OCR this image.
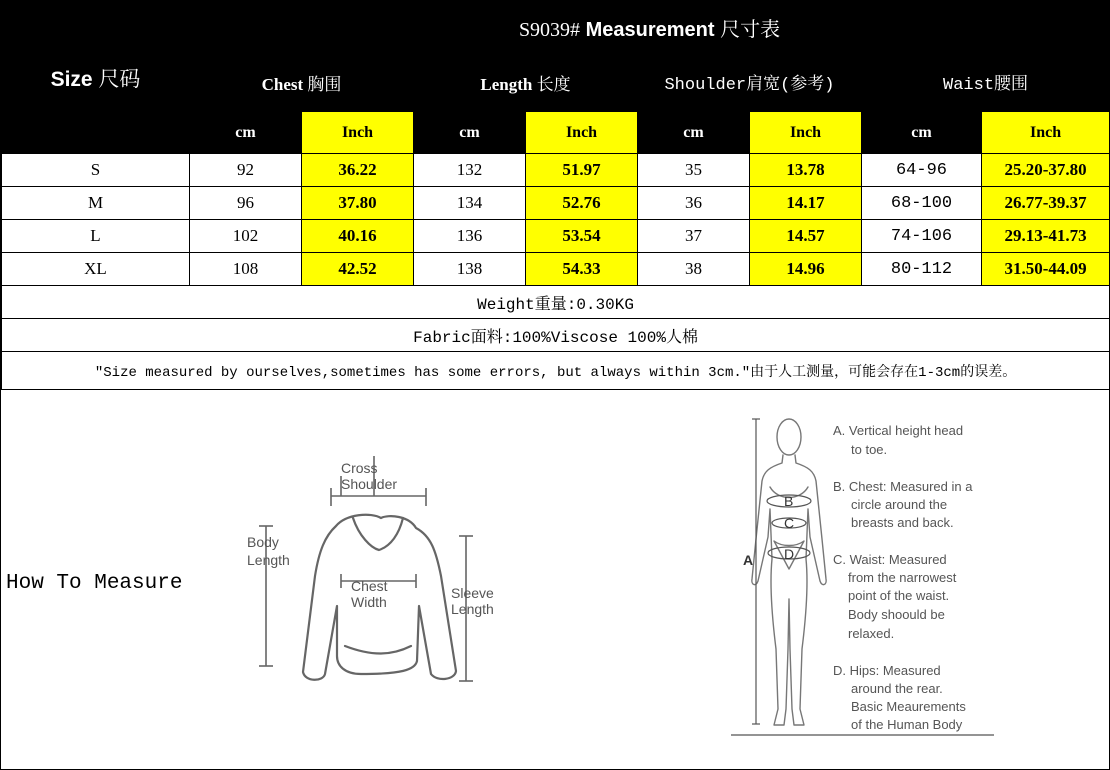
Size 尺码	S9039# Measurement 尺寸表							
	Chest 胸围		Length 长度		Shoulder肩宽(参考)		Waist腰围	
	cm	Inch	cm	Inch	cm	Inch	cm	Inch
S	92	36.22	132	51.97	35	13.78	64-96	25.20-37.80
M	96	37.80	134	52.76	36	14.17	68-100	26.77-39.37
L	102	40.16	136	53.54	37	14.57	74-106	29.13-41.73
XL	108	42.52	138	54.33	38	14.96	80-112	31.50-44.09
Weight重量:0.30KG								
Fabric面料:100%Viscose 100%人棉								
"Size measured by ourselves,sometimes has some errors, but always within 3cm."由于人工测量，可能会存在1-3cm的误差。								
How To Measure
Cross
Shoulder
Body
Length
Chest
Width
Sleeve
Length
B
C
D
A
A. Vertical height head
to toe.
B. Chest: Measured in a
circle around the
breasts and back.
C. Waist: Measured
from the narrowest
point of the waist.
Body shoould be
relaxed.
D. Hips: Measured
around the rear.
Basic Meaurements
of the Human Body
